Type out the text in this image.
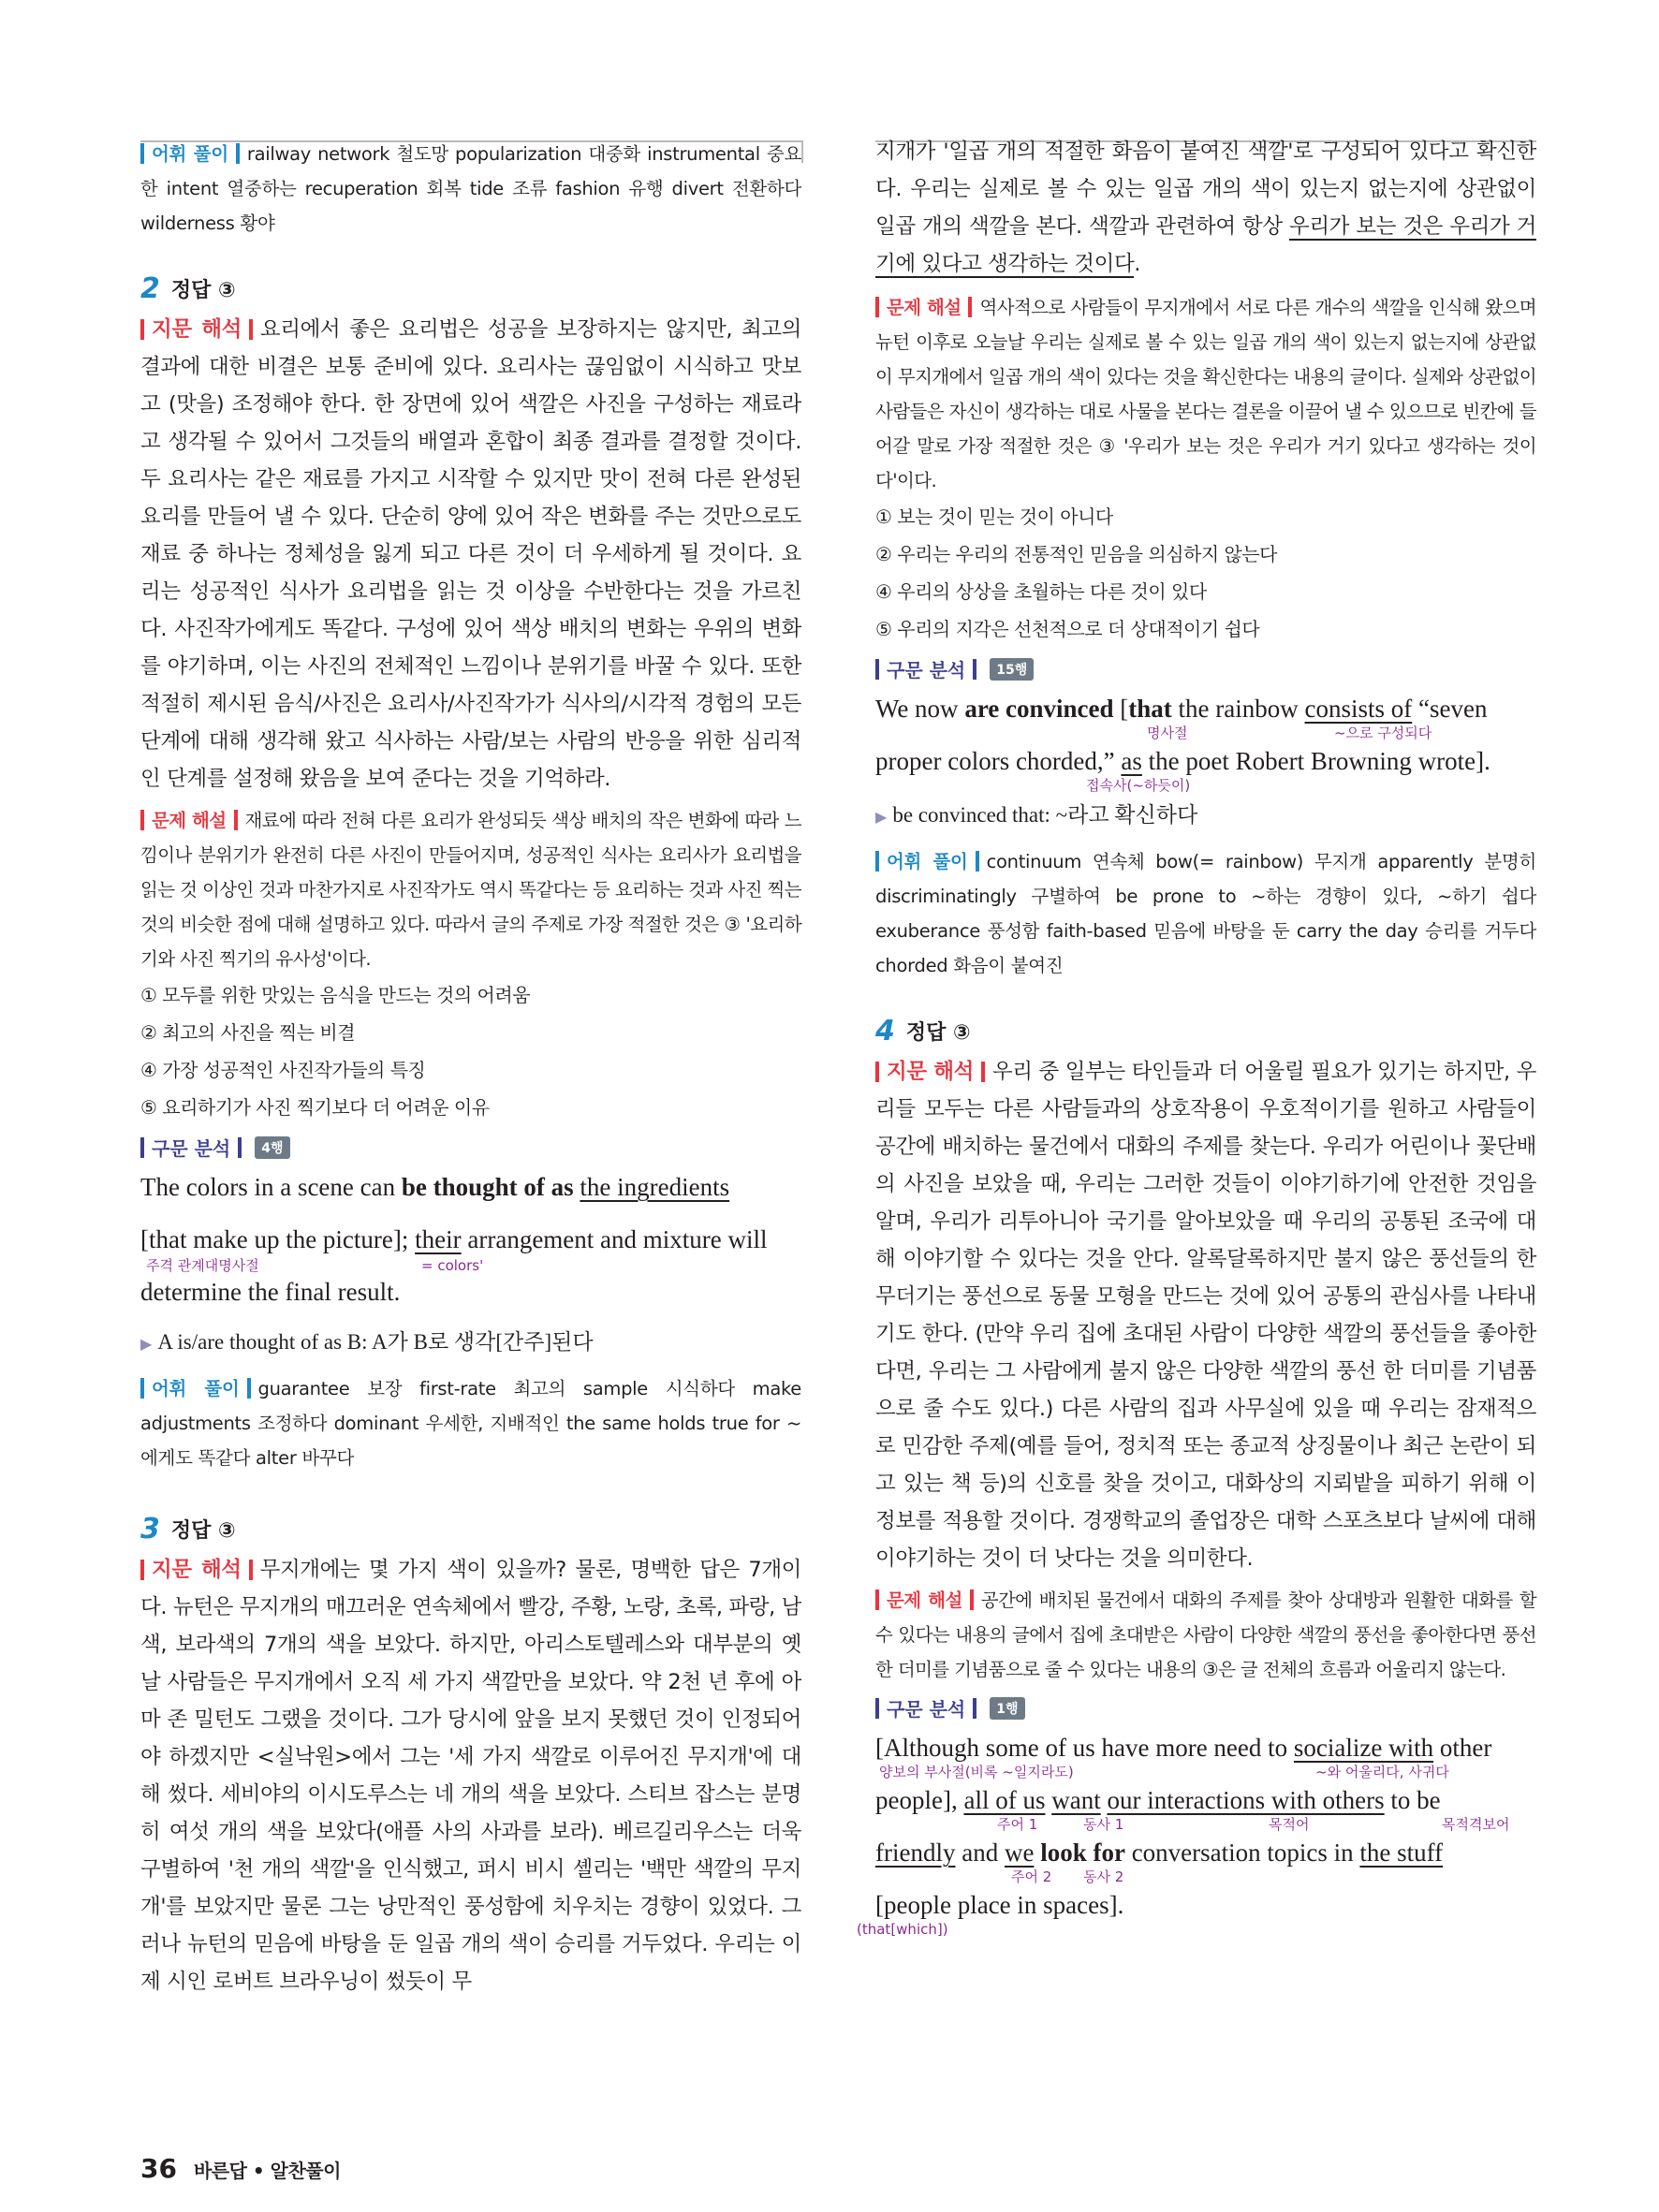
어휘 풀이 railway network 철도망 popularization 대중화 instrumental 중요한 intent 열중하는 recuperation 회복 tide 조류 fashion 유행 divert 전환하다 wilderness 황야

2 정답 ③

지문 해석 요리에서 좋은 요리법은 성공을 보장하지는 않지만, 최고의 결과에 대한 비결은 보통 준비에 있다. 요리사는 끊임없이 시식하고 맛보고 (맛을) 조정해야 한다. 한 장면에 있어 색깔은 사진을 구성하는 재료라고 생각될 수 있어서 그것들의 배열과 혼합이 최종 결과를 결정할 것이다. 두 요리사는 같은 재료를 가지고 시작할 수 있지만 맛이 전혀 다른 완성된 요리를 만들어 낼 수 있다. 단순히 양에 있어 작은 변화를 주는 것만으로도 재료 중 하나는 정체성을 잃게 되고 다른 것이 더 우세하게 될 것이다. 요리는 성공적인 식사가 요리법을 읽는 것 이상을 수반한다는 것을 가르친다. 사진작가에게도 똑같다. 구성에 있어 색상 배치의 변화는 우위의 변화를 야기하며, 이는 사진의 전체적인 느낌이나 분위기를 바꿀 수 있다. 또한 적절히 제시된 음식/사진은 요리사/사진작가가 식사의/시각적 경험의 모든 단계에 대해 생각해 왔고 식사하는 사람/보는 사람의 반응을 위한 심리적인 단계를 설정해 왔음을 보여 준다는 것을 기억하라.

문제 해설 재료에 따라 전혀 다른 요리가 완성되듯 색상 배치의 작은 변화에 따라 느낌이나 분위기가 완전히 다른 사진이 만들어지며, 성공적인 식사는 요리사가 요리법을 읽는 것 이상인 것과 마찬가지로 사진작가도 역시 똑같다는 등 요리하는 것과 사진 찍는 것의 비슷한 점에 대해 설명하고 있다. 따라서 글의 주제로 가장 적절한 것은 ③ '요리하기와 사진 찍기의 유사성'이다.

① 모두를 위한 맛있는 음식을 만드는 것의 어려움

② 최고의 사진을 찍는 비결

④ 가장 성공적인 사진작가들의 특징

⑤ 요리하기가 사진 찍기보다 더 어려운 이유

구문 분석	4행

The colors in a scene can be thought of as the ingredients
[that make up the picture]; their arrangement and mixture will
determine the final result.
주격 관계대명사절	= colors'

▶ A is/are thought of as B: A가 B로 생각[간주]된다

어휘 풀이 guarantee 보장 first-rate 최고의 sample 시식하다 make adjustments 조정하다 dominant 우세한, 지배적인 the same holds true for ~에게도 똑같다 alter 바꾸다

3 정답 ③

지문 해석 무지개에는 몇 가지 색이 있을까? 물론, 명백한 답은 7개이다. 뉴턴은 무지개의 매끄러운 연속체에서 빨강, 주황, 노랑, 초록, 파랑, 남색, 보라색의 7개의 색을 보았다. 하지만, 아리스토텔레스와 대부분의 옛날 사람들은 무지개에서 오직 세 가지 색깔만을 보았다. 약 2천 년 후에 아마 존 밀턴도 그랬을 것이다. 그가 당시에 앞을 보지 못했던 것이 인정되어야 하겠지만 <실낙원>에서 그는 '세 가지 색깔로 이루어진 무지개'에 대해 썼다. 세비야의 이시도루스는 네 개의 색을 보았다. 스티브 잡스는 분명히 여섯 개의 색을 보았다(애플 사의 사과를 보라). 베르길리우스는 더욱 구별하여 '천 개의 색깔'을 인식했고, 퍼시 비시 셸리는 '백만 색깔의 무지개'를 보았지만 물론 그는 낭만적인 풍성함에 치우치는 경향이 있었다. 그러나 뉴턴의 믿음에 바탕을 둔 일곱 개의 색이 승리를 거두었다. 우리는 이제 시인 로버트 브라우닝이 썼듯이 무

지개가 '일곱 개의 적절한 화음이 붙여진 색깔'로 구성되어 있다고 확신한다. 우리는 실제로 볼 수 있는 일곱 개의 색이 있는지 없는지에 상관없이 일곱 개의 색깔을 본다. 색깔과 관련하여 항상 우리가 보는 것은 우리가 거기에 있다고 생각하는 것이다.

문제 해설 역사적으로 사람들이 무지개에서 서로 다른 개수의 색깔을 인식해 왔으며 뉴턴 이후로 오늘날 우리는 실제로 볼 수 있는 일곱 개의 색이 있는지 없는지에 상관없이 무지개에서 일곱 개의 색이 있다는 것을 확신한다는 내용의 글이다. 실제와 상관없이 사람들은 자신이 생각하는 대로 사물을 본다는 결론을 이끌어 낼 수 있으므로 빈칸에 들어갈 말로 가장 적절한 것은 ③ '우리가 보는 것은 우리가 거기 있다고 생각하는 것이다'이다.

① 보는 것이 믿는 것이 아니다

② 우리는 우리의 전통적인 믿음을 의심하지 않는다

④ 우리의 상상을 초월하는 다른 것이 있다

⑤ 우리의 지각은 선천적으로 더 상대적이기 쉽다

구문 분석	15행

We now are convinced [that the rainbow consists of “seven
proper colors chorded,” as the poet Robert Browning wrote].
명사절	~으로 구성되다
접속사(~하듯이)

▶ be convinced that: ~라고 확신하다

어휘 풀이 continuum 연속체 bow(= rainbow) 무지개 apparently 분명히 discriminatingly 구별하여 be prone to ~하는 경향이 있다, ~하기 쉽다 exuberance 풍성함 faith-based 믿음에 바탕을 둔 carry the day 승리를 거두다 chorded 화음이 붙여진

4 정답 ③

지문 해석 우리 중 일부는 타인들과 더 어울릴 필요가 있기는 하지만, 우리들 모두는 다른 사람들과의 상호작용이 우호적이기를 원하고 사람들이 공간에 배치하는 물건에서 대화의 주제를 찾는다. 우리가 어린이나 꽃단배의 사진을 보았을 때, 우리는 그러한 것들이 이야기하기에 안전한 것임을 알며, 우리가 리투아니아 국기를 알아보았을 때 우리의 공통된 조국에 대해 이야기할 수 있다는 것을 안다. 알록달록하지만 불지 않은 풍선들의 한 무더기는 풍선으로 동물 모형을 만드는 것에 있어 공통의 관심사를 나타내기도 한다. (만약 우리 집에 초대된 사람이 다양한 색깔의 풍선들을 좋아한다면, 우리는 그 사람에게 불지 않은 다양한 색깔의 풍선 한 더미를 기념품으로 줄 수도 있다.) 다른 사람의 집과 사무실에 있을 때 우리는 잠재적으로 민감한 주제(예를 들어, 정치적 또는 종교적 상징물이나 최근 논란이 되고 있는 책 등)의 신호를 찾을 것이고, 대화상의 지뢰밭을 피하기 위해 이 정보를 적용할 것이다. 경쟁학교의 졸업장은 대학 스포츠보다 날씨에 대해 이야기하는 것이 더 낫다는 것을 의미한다.

문제 해설 공간에 배치된 물건에서 대화의 주제를 찾아 상대방과 원활한 대화를 할 수 있다는 내용의 글에서 집에 초대받은 사람이 다양한 색깔의 풍선을 좋아한다면 풍선 한 더미를 기념품으로 줄 수 있다는 내용의 ③은 글 전체의 흐름과 어울리지 않는다.

구문 분석	1행

[Although some of us have more need to socialize with other
people], all of us want our interactions with others to be
friendly and we look for conversation topics in the stuff
[people place in spaces].
양보의 부사절(비록 ~일지라도)	~와 어울리다, 사귀다
주어 1	동사 1	목적어	목적격보어
주어 2 동사 2
(that[which])

36 바른답 • 알찬풀이
